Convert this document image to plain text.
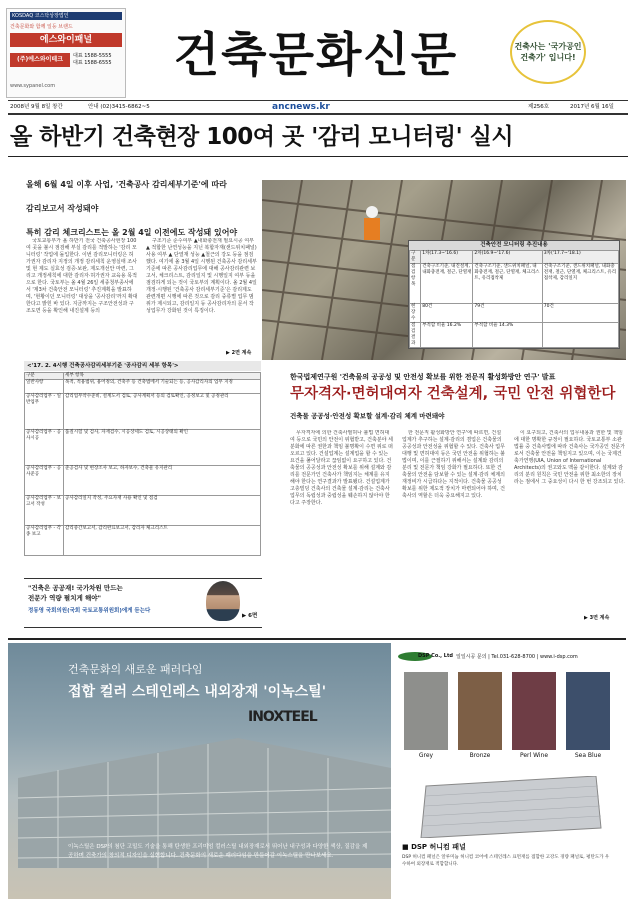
KOSDAQ 코스닥상장법인
건축문화와 함께 일등 브랜드
에스와이패널
(주)에스와이테크	대표 1588-5555
대표 1588-6555
www.sypanel.com
건축문화신문	건축사는 '국가공인건축가' 입니다!
2008년 9월 8일 창간	안내 (02)3415-6862~5	ancnews.kr	제256호	2017년 6월 16일
올 하반기 건축현장 100여 곳 '감리 모니터링' 실시
올해 6월 4일 이후 사업, '건축공사 감리세부기준'에 따라
감리보고서 작성돼야
특히 감리 체크리스트는 올 2월 4일 이전에도 작성돼 있어야

국토교통부가 올 하반기 전국 건축공사현장 100여 곳을 불시 점검해 부실 감리를 적발하는 '감리 모니터링' 작업에 돌입한다. 이번 감리모니터링은 허가권자 감리자 지정의 개정 감리세칙 운영실태 조사 및 현 제도 실효성 검증·보완, 제도개선안 마련, 그리고 개정세칙에 대한 감리자·허가권자 교육용 목적으로 한다. 국토부는 올 4월 26일 세종청부종사에서 '제3차 건축안전 모니터링' 추진계획을 발표하며, '현황이던 모니터링' 대상을 '공사감리'까지 확대한다고 밝힌 바 있다. 지금까지는 구조안전성과 구조도면 등을 확인해 내진설계 등의

구조기준 준수여부 ▲내화충전재 필요시공 여부 ▲ 적합한 난연성능을 지닌 복합자재(샌드위치패널) 사용 여부 ▲ 단열재 성능 ▲철근의 강도 등을 점검했다. 여기에 올 3월 4일 시행된 건축공사 감리세부기준에 따른 공사감리업무에 대해 공사감리관련 보고서, 체크리스트, 감리일지 및 시행일지 여부 등을 점검하게 되는 것이 국토부의 계획이다. 올 2월 4일 개정·시행된 '건축공사 감리세부기준'은 감리제도 관련개편 시행에 따른 것으로 감리 중류별 업무 범위가 제시되고, 감리일지 등 공사감리자의 문서 작성업무가 강화된 것이 특징이다.

▶ 2면 계속
건축안전 모니터링 추진내용
구분	1차(17.3~'16.6)	2차(16.9~'17.6)	3차('17.7~'18.1)
점검항목	건축구조기준, 내진설계, 내화충전재, 철근, 단열재	건축구조기준, 샌드위치패널, 내화충전재, 철근, 단열재, 체크리스트, 유리접착제	건축구조기준, 샌드위치패널, 내화충전재, 철근, 단열재, 체크리스트, 유리접착제, 감리일지
현장 수	80건	79건	70건
점검결과	부적합 비율 16.2%	부적합 비율 14.3%	
<'17. 2. 4시행 건축공사감리세부기준 '공사감리 세부 항목'>
구분	세부 항목
일반사항	목적, 적용범위, 용어정의, 건축주 등 건축법에서 기술되는 등, 공사감리자의 업무 지정
공사감리업무 - 일반업무	감리업무착수준비, 설계도서 검토, 공사계획서 등의 검토확인, 공정보고 및 공정관리
공사감리업무 - 공사시공	품질시험 및 검사, 자재검수, 시공상세도 검토, 시공상태의 확인
공사감리업무 - 공사준공	준공검사 및 현장조사 보고, 하자보수, 건축물 유지관리
공사감리업무 - 보고서 작성	공사감리일지 작성, 주요자재 사용 확인 및 점검
공사감리업무 - 각종 보고	감리중간보고서, 감리완료보고서, 감리자 체크리스트
"건축은 공공재! 국가차원 만드는
전문가 역량 펼치게 해야"
정동영 국회의원(국회 국토교통위원회)에게 듣는다
▶ 6면
한국법제연구원 '건축물의 공공성 및 안전성 확보를 위한 전문직 활성화방안 연구' 발표
무자격자·면허대여자 건축설계, 국민 안전 위협한다
건축물 공공성·안전성 확보할 설계·감리 체계 마련돼야

무자격자에 의한 건축사필허나 불법 면허대여 등으로 국민의 안전이 위협받고, 건축분야 세분화에 따른 권한과 책임 불명확이 수면 위로 떠오르고 있다. 건설업계는 설계업을 할 수 있는 요건을 풀어달라고 끊임없이 요구하고 있다. 건축물의 공공성과 안전성 확보를 위해 설계와 감리를 전문가인 건축사가 책임지는 체계를 유지해야 한다는 연구결과가 발표됐다. 건설업계가 고층빌딩 건축사의 건축물 설계·감리는 건축사 업무의 독립성과 중립성을 훼손하지 않아야 한다고 주장한다.

한 전문직 활성화방안 연구'에 따르면, 건설업계가 추구하는 설계·감리의 겸업은 건축물의 공공성과 안전성을 위협할 수 있다. 건축사 업무 대행 및 면허대여 등은 국민 안전을 위협하는 불법이며, 이를 근절하기 위해서는 설계와 감리의 분리 및 전문가 책임 강화가 필요하다. 또한 건축물의 안전을 담보할 수 있는 설계·감리 체계의 재정비가 시급하다는 지적이다. 건축물 공공성 확보를 위한 제도적 장치가 마련되어야 하며, 건축사의 역할은 더욱 중요해지고 있다.

이 요구되고, 건축사의 업무내용과 권한 및 책임에 대한 명확한 규정이 필요하다. 국토교통부 소관 법률 중 건축사법에 따라 건축사는 국가공인 전문가로서 건축물 안전을 책임지고 있으며, 이는 국제건축가연맹(UIA, Union of International Architects)의 권고와도 맥을 같이한다. 설계와 감리의 분리 원칙은 국민 안전을 위한 최소한의 장치라는 점에서 그 중요성이 다시 한 번 강조되고 있다.

▶ 3면 계속
건축문화의 새로운 패러다임
접합 컬러 스테인레스 내외장재 '이녹스틸'
INOXTEEL
이녹스틸은 DSP의 첨단 고밀도 기술을 통해 탄생한 프리미엄 컬러스틸 내외장재로서 뛰어난 내구성과 다양한 색상, 질감을 제공하며 건축가의 창의적 디자인을 실현합니다. 건축문화의 새로운 패러다임을 만들어갈 이녹스틸을 만나보세요.
DSP Co., Ltd 일일시공 문의 | Tel.031-628-8700 | www.i-dsp.com
Grey	Bronze	Perl Wine	Sea Blue
■ DSP 허니컴 패널
DSP 허니컴 패널은 알루미늄 허니컴 코어에 스테인레스 표면재를 접합한 고강도 경량 패널로, 평탄도가 우수하여 외장재로 적합합니다.
